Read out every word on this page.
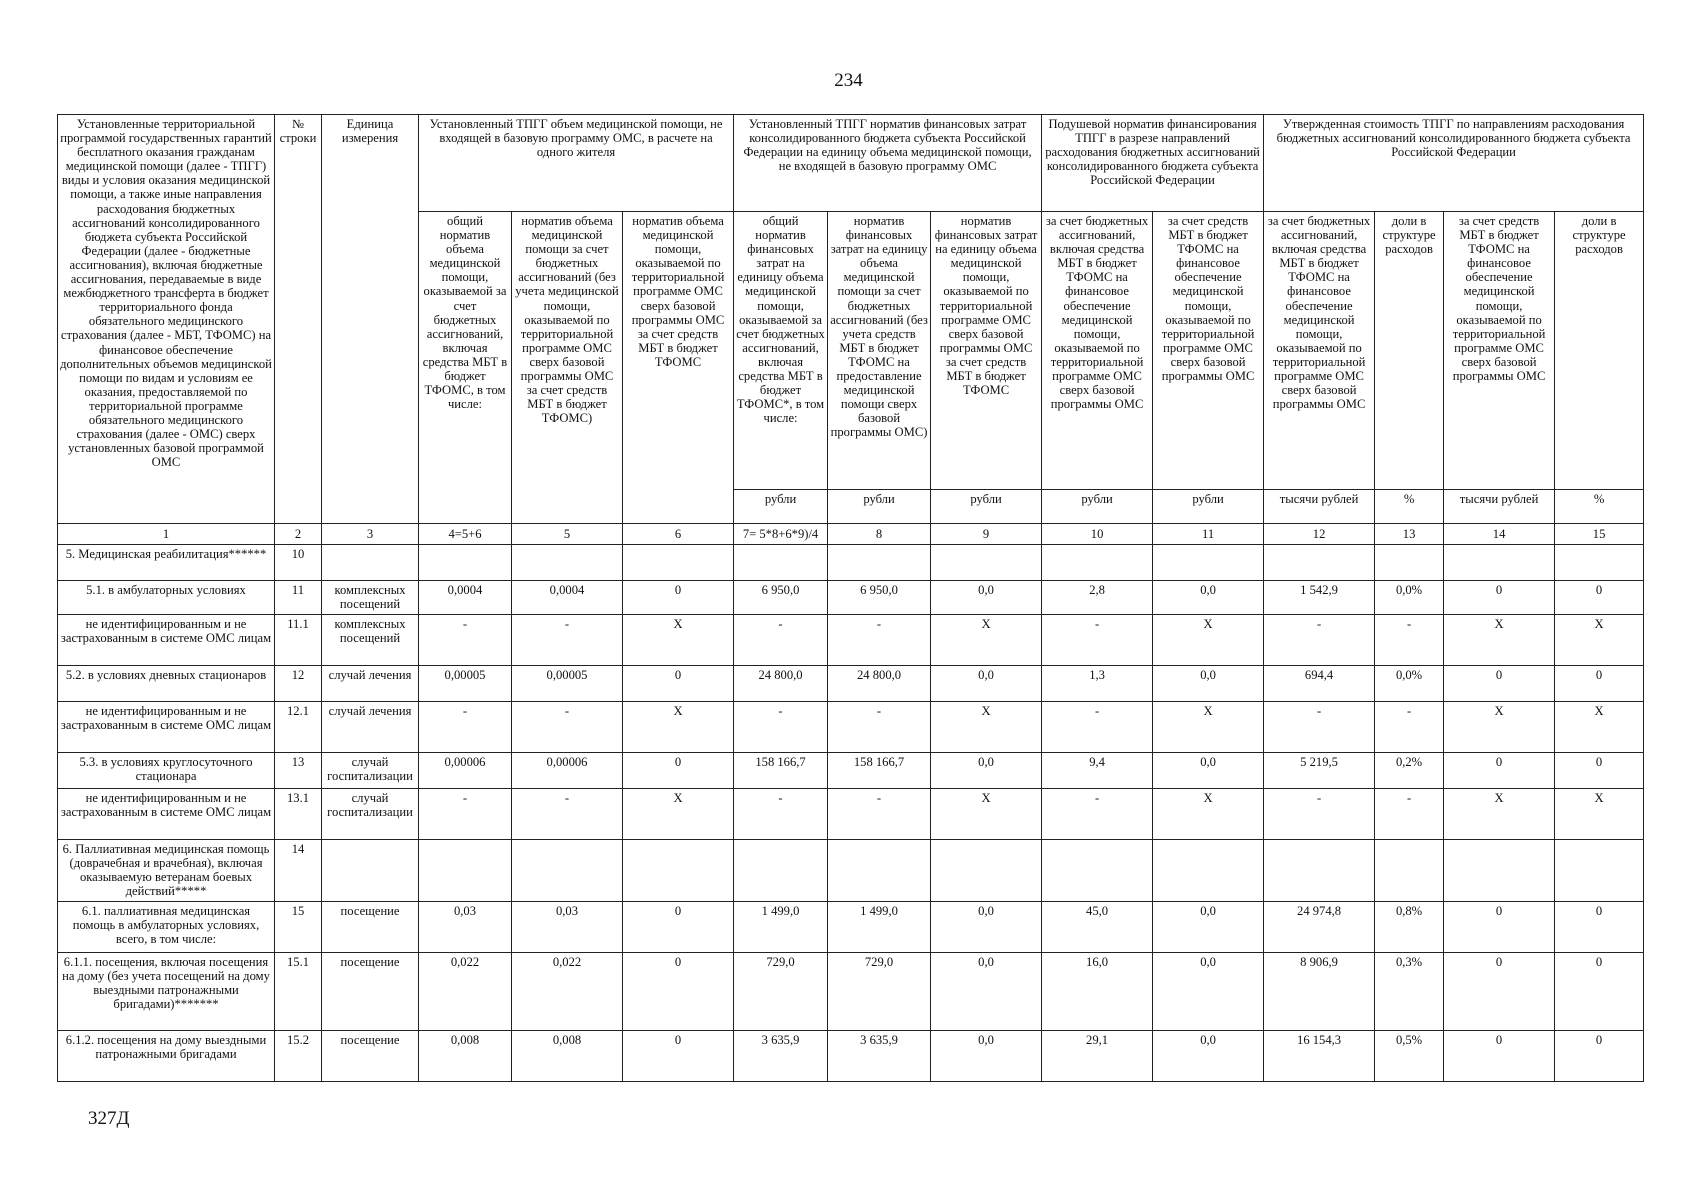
234
Установленные территориальной программой государственных гарантий бесплатного оказания гражданам медицинской помощи (далее - ТПГГ) виды и условия оказания медицинской помощи, а также иные направления расходования бюджетных ассигнований консолидированного бюджета субъекта Российской Федерации (далее - бюджетные ассигнования), включая бюджетные ассигнования, передаваемые в виде межбюджетного трансферта в бюджет территориального фонда обязательного медицинского страхования (далее - МБТ, ТФОМС) на финансовое обеспечение дополнительных объемов медицинской помощи по видам и условиям ее оказания, предоставляемой по территориальной программе обязательного медицинского страхования (далее - ОМС) сверх установленных базовой программой ОМС	№ строки	Единица измерения	Установленный ТПГГ объем медицинской помощи, не входящей в базовую программу ОМС, в расчете на одного жителя			Установленный ТПГГ норматив финансовых затрат консолидированного бюджета субъекта Российской Федерации на единицу объема медицинской помощи, не входящей в базовую программу ОМС			Подушевой норматив финансирования ТПГГ в разрезе направлений расходования бюджетных ассигнований консолидированного бюджета субъекта Российской Федерации		Утвержденная стоимость ТПГГ по направлениям расходования бюджетных ассигнований консолидированного бюджета субъекта Российской Федерации			
			общий норматив объема медицинской помощи, оказываемой за счет бюджетных ассигнований, включая средства МБТ в бюджет ТФОМС, в том числе:	норматив объема медицинской помощи за счет бюджетных ассигнований (без учета медицинской помощи, оказываемой по территориальной программе ОМС сверх базовой программы ОМС за счет средств МБТ в бюджет ТФОМС)	норматив объема медицинской помощи, оказываемой по территориальной программе ОМС сверх базовой программы ОМС за счет средств МБТ в бюджет ТФОМС	общий норматив финансовых затрат на единицу объема медицинской помощи, оказываемой за счет бюджетных ассигнований, включая средства МБТ в бюджет ТФОМС*, в том числе:	норматив финансовых затрат на единицу объема медицинской помощи за счет бюджетных ассигнований (без учета средств МБТ в бюджет ТФОМС на предоставление медицинской помощи сверх базовой программы ОМС)	норматив финансовых затрат на единицу объема медицинской помощи, оказываемой по территориальной программе ОМС сверх базовой программы ОМС за счет средств МБТ в бюджет ТФОМС	за счет бюджетных ассигнований, включая средства МБТ в бюджет ТФОМС на финансовое обеспечение медицинской помощи, оказываемой по территориальной программе ОМС сверх базовой программы ОМС	за счет средств МБТ в бюджет ТФОМС на финансовое обеспечение медицинской помощи, оказываемой по территориальной программе ОМС сверх базовой программы ОМС	за счет бюджетных ассигнований, включая средства МБТ в бюджет ТФОМС на финансовое обеспечение медицинской помощи, оказываемой по территориальной программе ОМС сверх базовой программы ОМС	доли в структуре расходов	за счет средств МБТ в бюджет ТФОМС на финансовое обеспечение медицинской помощи, оказываемой по территориальной программе ОМС сверх базовой программы ОМС	доли в структуре расходов
						рубли	рубли	рубли	рубли	рубли	тысячи рублей	%	тысячи рублей	%
1	2	3	4=5+6	5	6	7= 5*8+6*9)/4	8	9	10	11	12	13	14	15
5. Медицинская реабилитация******	10													
5.1. в амбулаторных условиях	11	комплексных посещений	0,0004	0,0004	0	6 950,0	6 950,0	0,0	2,8	0,0	1 542,9	0,0%	0	0
не идентифицированным и не застрахованным в системе ОМС лицам	11.1	комплексных посещений	-	-	X	-	-	X	-	X	-	-	X	X
5.2. в условиях дневных стационаров	12	случай лечения	0,00005	0,00005	0	24 800,0	24 800,0	0,0	1,3	0,0	694,4	0,0%	0	0
не идентифицированным и не застрахованным в системе ОМС лицам	12.1	случай лечения	-	-	X	-	-	X	-	X	-	-	X	X
5.3. в условиях круглосуточного стационара	13	случай госпитализации	0,00006	0,00006	0	158 166,7	158 166,7	0,0	9,4	0,0	5 219,5	0,2%	0	0
не идентифицированным и не застрахованным в системе ОМС лицам	13.1	случай госпитализации	-	-	X	-	-	X	-	X	-	-	X	X
6. Паллиативная медицинская помощь (доврачебная и врачебная), включая оказываемую ветеранам боевых действий*****	14													
6.1. паллиативная медицинская помощь в амбулаторных условиях, всего, в том числе:	15	посещение	0,03	0,03	0	1 499,0	1 499,0	0,0	45,0	0,0	24 974,8	0,8%	0	0
6.1.1. посещения, включая посещения на дому (без учета посещений на дому выездными патронажными бригадами)*******	15.1	посещение	0,022	0,022	0	729,0	729,0	0,0	16,0	0,0	8 906,9	0,3%	0	0
6.1.2. посещения на дому выездными патронажными бригадами	15.2	посещение	0,008	0,008	0	3 635,9	3 635,9	0,0	29,1	0,0	16 154,3	0,5%	0	0
327Д
